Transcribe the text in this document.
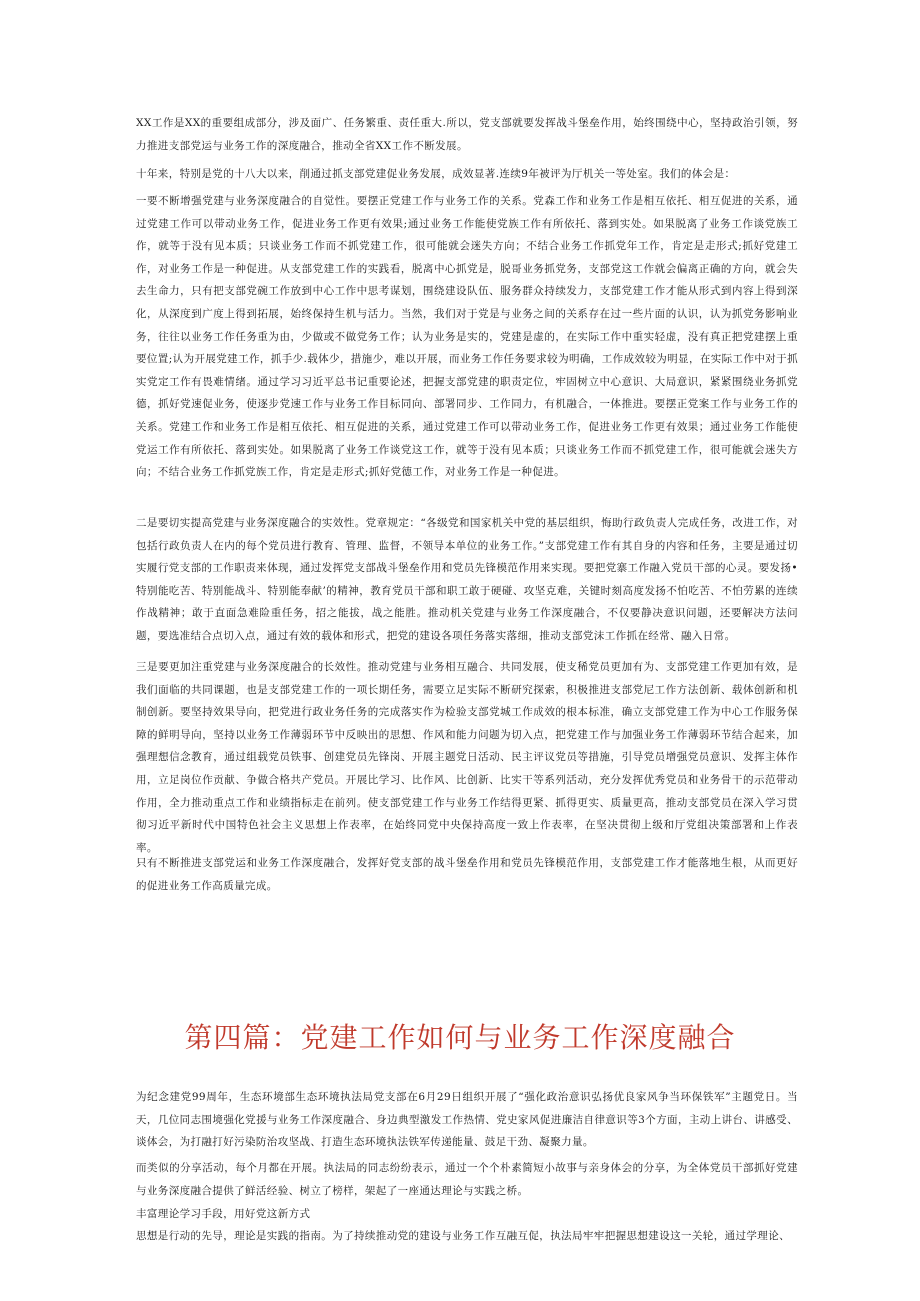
XX工作是XX的重要组成部分，涉及面广、任务繁重、责任重大.所以，党支部就要发挥战斗堡垒作用，始终围绕中心，坚持政治引领，努力推进支部党运与业务工作的深度融合，推动全省XX工作不断发展。

十年来，特别是党的十八大以来，削通过抓支部党建促业务发展，成效显著.连续9年被评为厅机关一等处室。我们的体会是：

一要不断增强党建与业务深度融合的自觉性。要摆正党建工作与业务工作的关系。党森工作和业务工作是相互依托、相互促进的关系，通过党建工作可以带动业务工作，促进业务工作更有效果;通过业务工作能使党族工作有所依托、落到实处。如果脱离了业务工作谈党族工作，就等于没有见本质；只谈业务工作而不抓党建工作，很可能就会迷失方向；不结合业务工作抓党年工作，肯定是走形式;抓好党建工作，对业务工作是一种促进。从支部党建工作的实践看，脱离中心抓党是，脱哥业务抓党务，支部党这工作就会偏离正确的方向，就会失去生命力，只有把支部党碗工作放到中心工作中思考谋划，围绕建设队伍、服务群众持续发力，支部党建工作才能从形式到内容上得到深化，从深度到广度上得到拓展，始终保持生机与活力。当然，我们对于党是与业务之间的关系存在过一些片面的认识，认为抓党务影响业务，往往以业务工作任务重为由，少做或不做党务工作；认为业务是实的，党建是虚的，在实际工作中重实轻虚，没有真正把党建摆上重要位置;认为开展党建工作，抓手少.载体少，措施少，难以开展，而业务工作任务要求较为明确，工作成效较为明显，在实际工作中对于抓实党定工作有畏难情绪。通过学习习近平总书记重要论述，把握支部党建的职责定位，牢固树立中心意识、大局意识，紧紧围绕业务抓党德，抓好党速促业务，使逐步党速工作与业务工作目标同向、部署同步、工作同力，有机融合，一体推进。要摆正党案工作与业务工作的关系。党建工作和业务工作是相互依托、相互促进的关系，通过党建工作可以带动业务工作，促进业务工作更有效果；通过业务工作能使党运工作有所依托、落到实处。如果脱离了业务工作谈党这工作，就等于没有见本质；只谈业务工作而不抓党建工作，很可能就会迷失方向；不结合业务工作抓党族工作，肯定是走形式;抓好党德工作，对业务工作是一种促进。

二是要切实提高党建与业务深度融合的实效性。党章规定：“各级党和国家机关中党的基层组织，悔助行政负责人完成任务，改进工作，对包括行政负责人在内的每个党员进行教育、管理、监督，不领导本单位的业务工作。”支部党建工作有其自身的内容和任务，主要是通过切实履行党支部的工作职责来体现，通过发挥党支部战斗堡垒作用和党员先锋模范作用来实现。要把党寨工作融入党员干部的心灵。要发扬•特别能吃苦、特别能战斗、特别能奉献’的精神，教育党员干部和职工敢于硬碰、攻坚克难，关键时刻高度发扬不怕吃苦、不怕劳累的连续作战精神；敢于直面急难险重任务，招之能拔，战之能胜。推动机关党建与业务工作深度融合，不仅要静决意识问题，还要解决方法问题，要选准结合点切入点，通过有效的载体和形式，把党的建设各项任务落实落细，推动支部党沫工作抓在经常、融入日常。

三是要更加注重党建与业务深度融合的长效性。推动党建与业务相互融合、共同发展，使支稀党员更加有为、支部党建工作更加有效，是我们面临的共同课题，也是支部党建工作的一项长期任务，需要立足实际不断研究探索，积极推进支部党尼工作方法创新、载体创新和机制创新。要坚持效果导向，把党进行政业务任务的完成落实作为检验支部党城工作成效的根本标准，确立支部党建工作为中心工作服务保障的鲜明导向，坚持以业务工作薄弱环节中反映出的思想、作风和能力问题为切入点，把党建工作与加强业务工作薄弱环节结合起来，加强理想信念教育，通过组载党员铁事、创建党员先锋岗、开展主题党日活动、民主评议党员等措施，引导党员增强党员意识、发挥主体作用，立足岗位作贡献、争做合格共产党员。开展比学习、比作风、比创新、比实干等系列活动，充分发挥优秀党员和业务骨干的示范带动作用，全力推动重点工作和业绩指标走在前列。使支部党建工作与业务工作结得更紧、抓得更实、质量更高，推动支部党员在深入学习贯彻习近平新时代中国特色社会主义思想上作表率，在始终同党中央保持高度一致上作表率，在坚决贯彻上级和厅党组决策部署和上作表率。

只有不断推进支部党运和业务工作深度融合，发挥好党支部的战斗堡垒作用和党员先锋模范作用，支部党建工作才能落地生根，从而更好的促进业务工作高质量完成。

第四篇：党建工作如何与业务工作深度融合

为纪念建党99周年，生态环境部生态环境执法局党支部在6月29日组织开展了“强化政治意识弘扬优良家风争当环保铁军”主题党日。当天，几位同志围境强化党援与业务工作深度融合、身边典型激发工作热情、党史家风促进廉洁自律意识等3个方面，主动上讲台、讲感受、谈体会，为打融打好污染防治攻坚战、打造生态环境执法铁军传递能量、鼓足干劲、凝聚力量。

而类似的分享活动，每个月都在开展。执法局的同志纷纷表示，通过一个个朴素简短小故事与亲身体会的分享，为全体党员干部抓好党建与业务深度融合提供了鲜活经验、树立了榜样，架起了一座通达理论与实践之桥。

丰富理论学习手段，用好党这新方式

思想是行动的先导，理论是实践的指南。为了持续推动党的建设与业务工作互融互促，执法局牢牢把握思想建设这一关轮，通过学理论、
